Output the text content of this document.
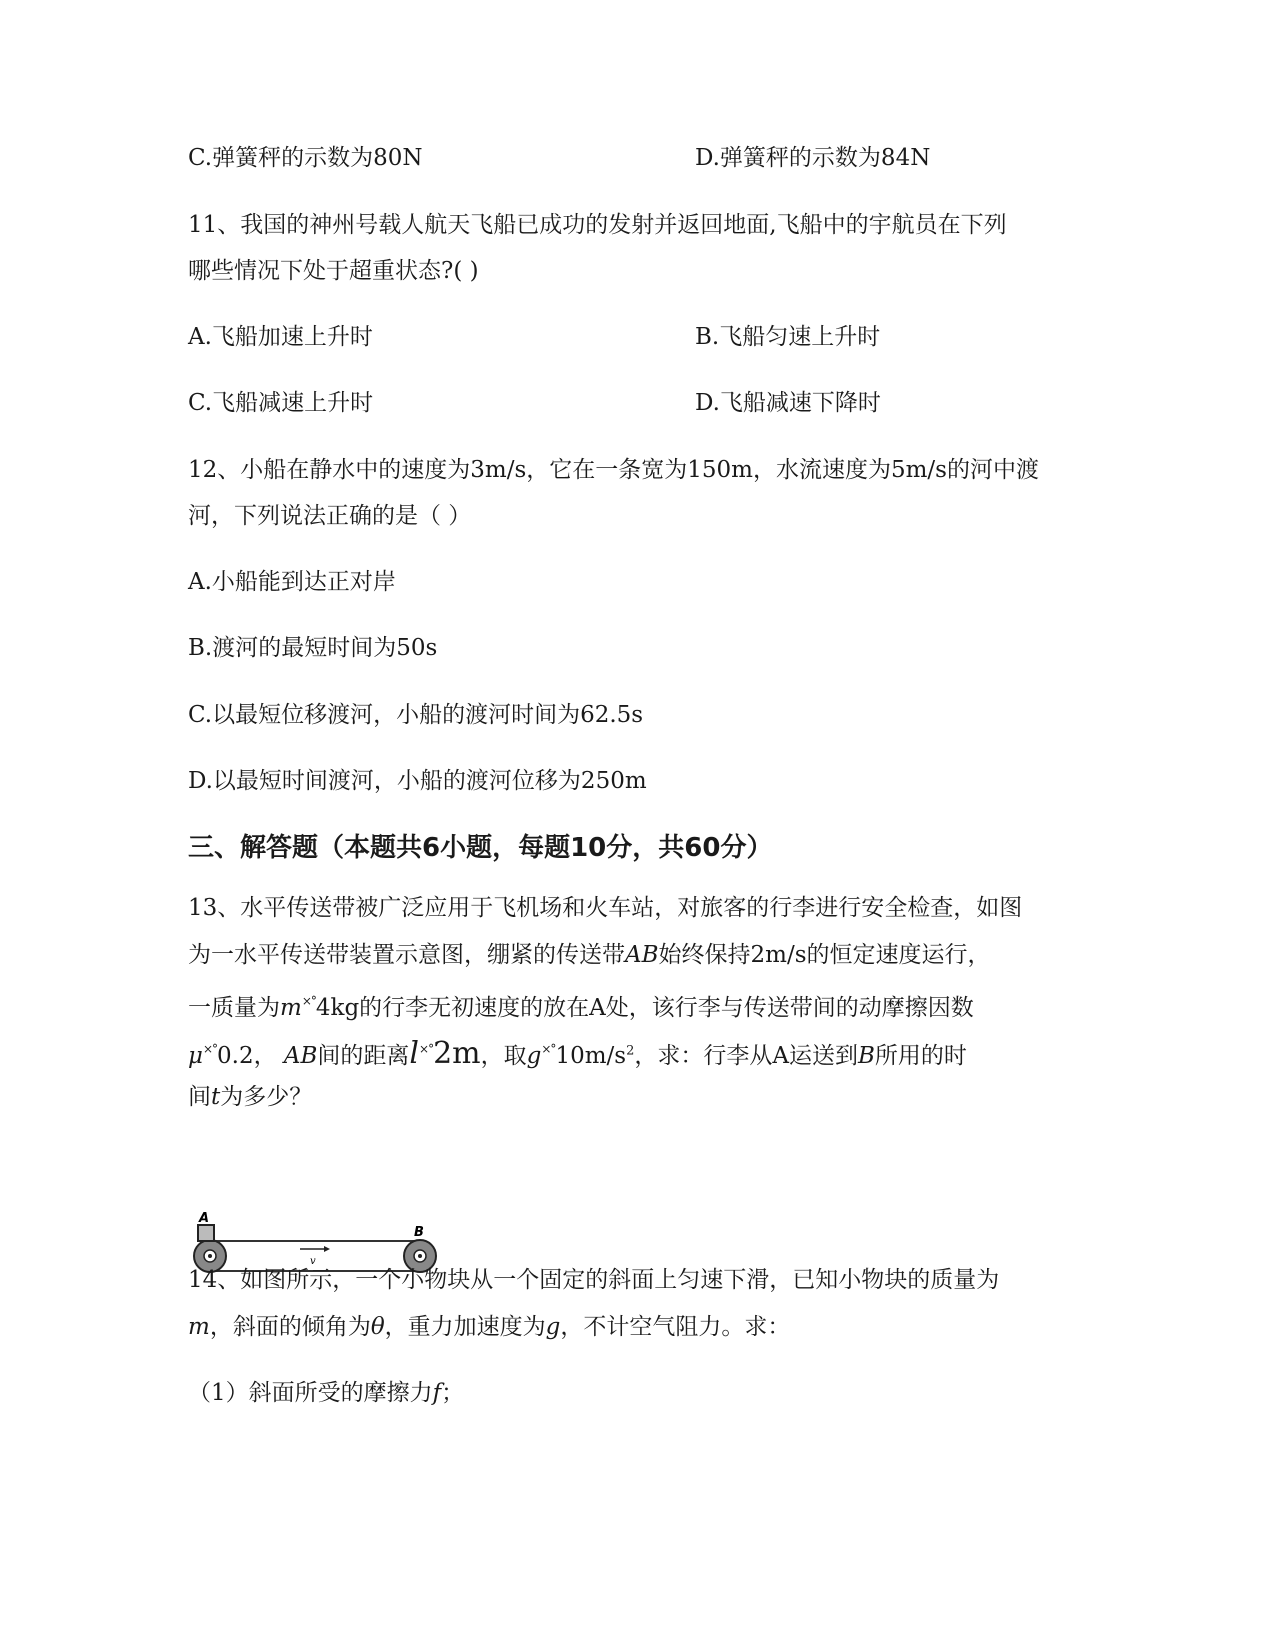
C.弹簧秤的示数为80N	D.弹簧秤的示数为84N
11、我国的神州号载人航天飞船已成功的发射并返回地面,飞船中的宇航员在下列
哪些情况下处于超重状态?( )
A.飞船加速上升时	B.飞船匀速上升时
C.飞船减速上升时	D.飞船减速下降时
12、小船在静水中的速度为3m/s，它在一条宽为150m，水流速度为5m/s的河中渡
河，下列说法正确的是（ ）
A.小船能到达正对岸
B.渡河的最短时间为50s
C.以最短位移渡河，小船的渡河时间为62.5s
D.以最短时间渡河，小船的渡河位移为250m
三、解答题（本题共6小题，每题10分，共60分）
13、水平传送带被广泛应用于飞机场和火车站，对旅客的行李进行安全检查，如图
为一水平传送带装置示意图，绷紧的传送带AB始终保持2m/s的恒定速度运行，
一质量为m×°4kg的行李无初速度的放在A处，该行李与传送带间的动摩擦因数
μ×°0.2， AB间的距离l×°2m，取$g^{\times^\circ}10m/s^2$，求：行李从A运送到B所用的时
间t为多少？
A
B
v
14、如图所示，一个小物块从一个固定的斜面上匀速下滑，已知小物块的质量为
m，斜面的倾角为θ，重力加速度为g，不计空气阻力。求：
（1）斜面所受的摩擦力f；
